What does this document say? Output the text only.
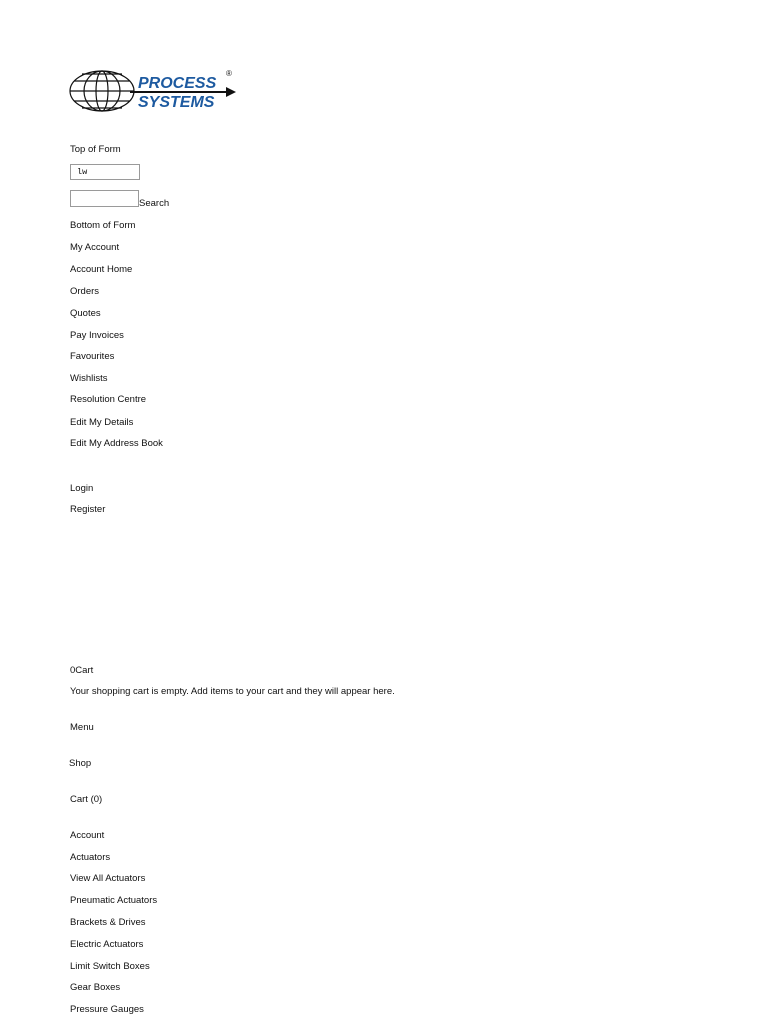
PROCESS
SYSTEMS
®
Top of Form
lw
Search
Bottom of Form
My Account
Account Home
Orders
Quotes
Pay Invoices
Favourites
Wishlists
Resolution Centre
Edit My Details
Edit My Address Book
Login
Register
0Cart
Your shopping cart is empty. Add items to your cart and they will appear here.
Menu
Shop
Cart (0)
Account
Actuators
View All Actuators
Pneumatic Actuators
Brackets & Drives
Electric Actuators
Limit Switch Boxes
Gear Boxes
Pressure Gauges
